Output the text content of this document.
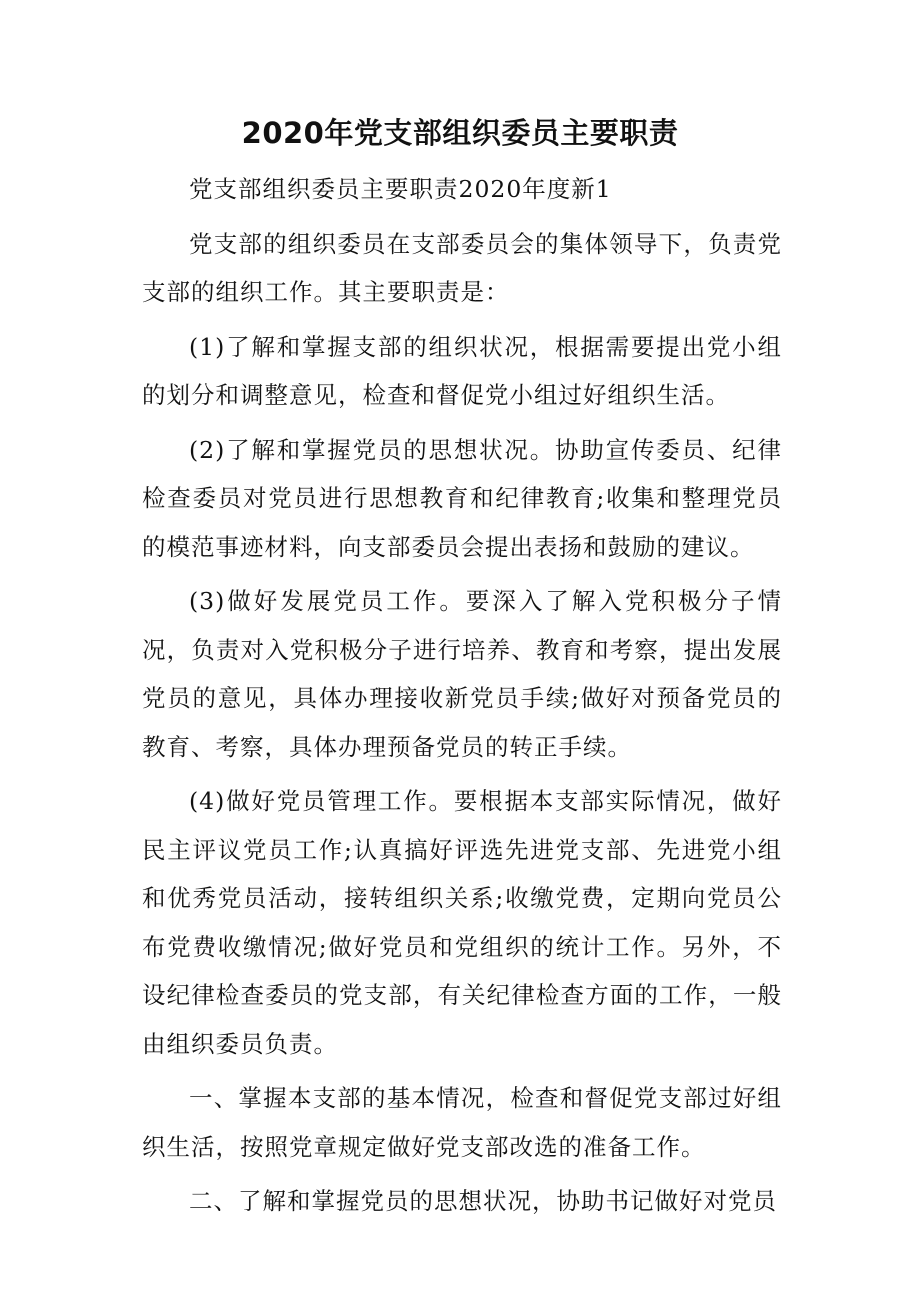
2020年党支部组织委员主要职责

党支部组织委员主要职责2020年度新1

党支部的组织委员在支部委员会的集体领导下，负责党支部的组织工作。其主要职责是：

(1)了解和掌握支部的组织状况，根据需要提出党小组的划分和调整意见，检查和督促党小组过好组织生活。

(2)了解和掌握党员的思想状况。协助宣传委员、纪律检查委员对党员进行思想教育和纪律教育;收集和整理党员的模范事迹材料，向支部委员会提出表扬和鼓励的建议。

(3)做好发展党员工作。要深入了解入党积极分子情况，负责对入党积极分子进行培养、教育和考察，提出发展党员的意见，具体办理接收新党员手续;做好对预备党员的教育、考察，具体办理预备党员的转正手续。

(4)做好党员管理工作。要根据本支部实际情况，做好民主评议党员工作;认真搞好评选先进党支部、先进党小组和优秀党员活动，接转组织关系;收缴党费，定期向党员公布党费收缴情况;做好党员和党组织的统计工作。另外，不设纪律检查委员的党支部，有关纪律检查方面的工作，一般由组织委员负责。

一、掌握本支部的基本情况，检查和督促党支部过好组织生活，按照党章规定做好党支部改选的准备工作。

二、了解和掌握党员的思想状况，协助书记做好对党员
